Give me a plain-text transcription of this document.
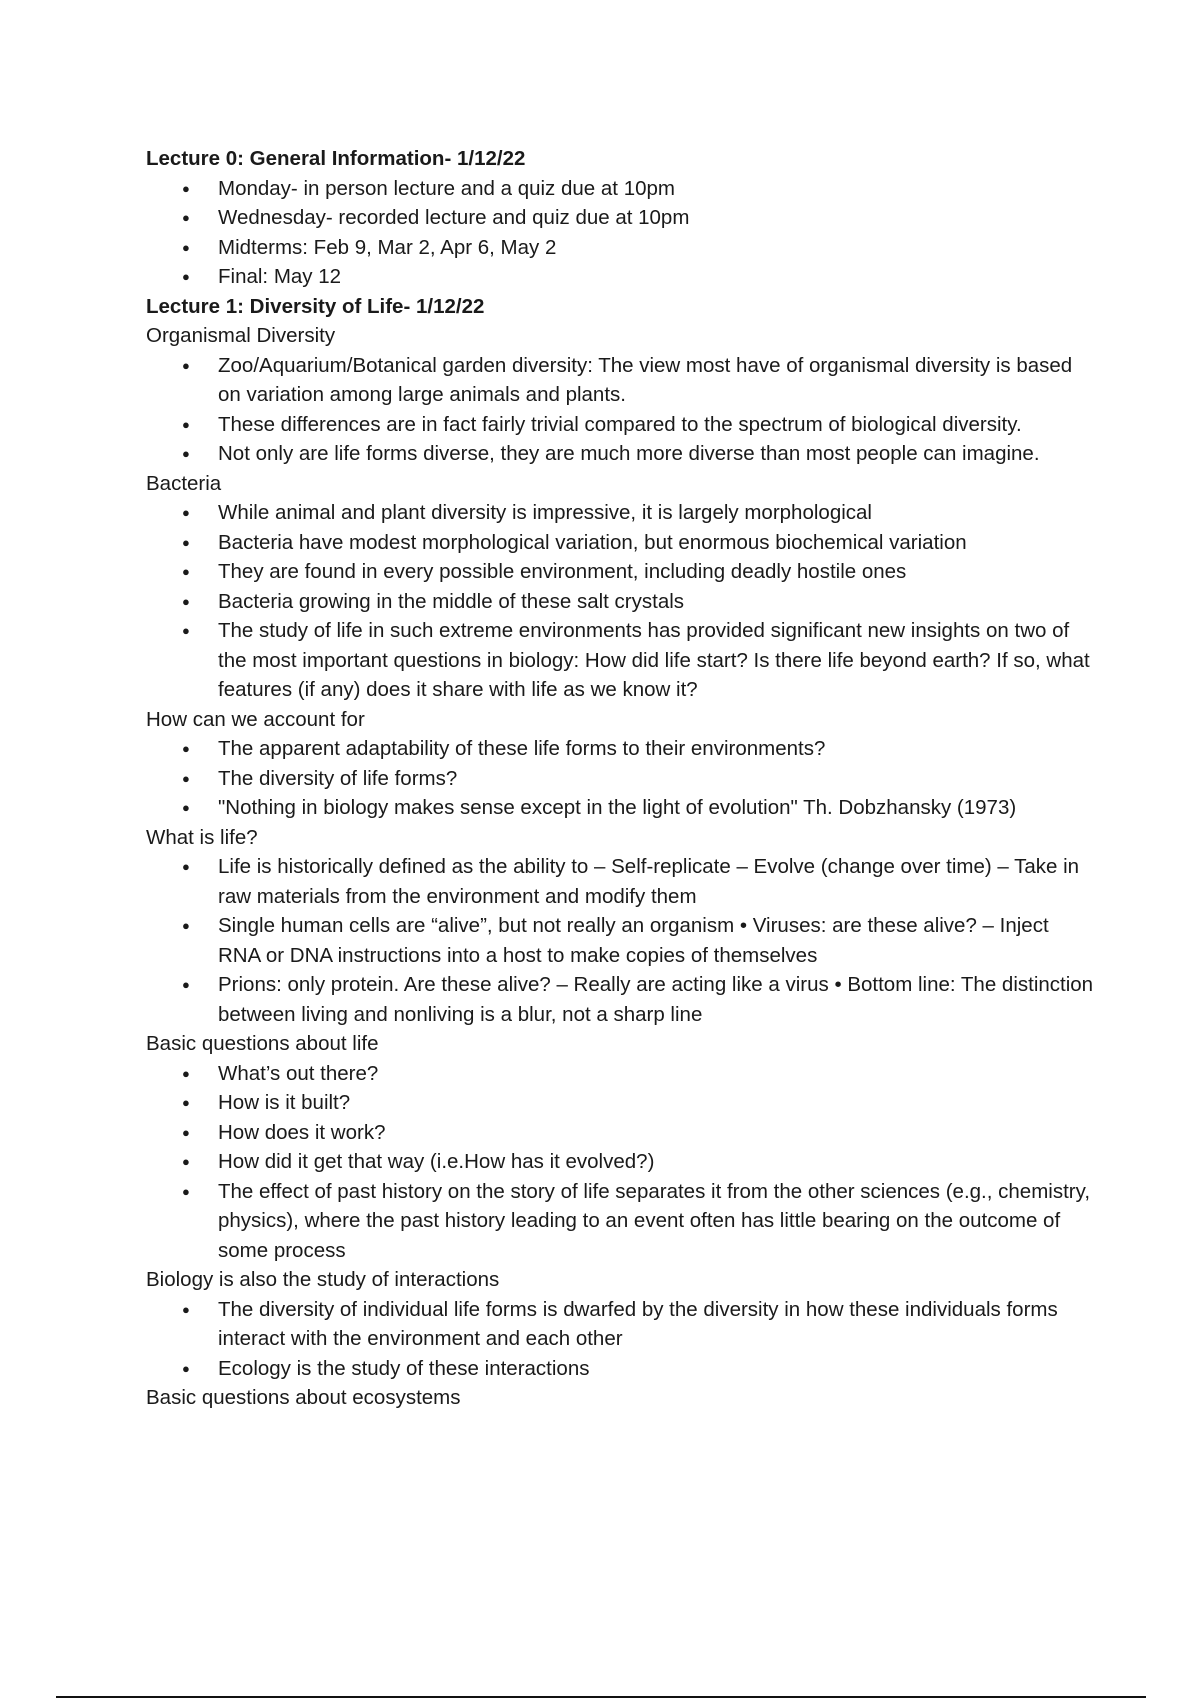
Lecture 0: General Information- 1/12/22

● Monday- in person lecture and a quiz due at 10pm
● Wednesday- recorded lecture and quiz due at 10pm
● Midterms: Feb 9, Mar 2, Apr 6, May 2
● Final: May 12

Lecture 1: Diversity of Life- 1/12/22

Organismal Diversity

● Zoo/Aquarium/Botanical garden diversity: The view most have of organismal diversity is based on variation among large animals and plants.
● These differences are in fact fairly trivial compared to the spectrum of biological diversity.
● Not only are life forms diverse, they are much more diverse than most people can imagine.

Bacteria

● While animal and plant diversity is impressive, it is largely morphological
● Bacteria have modest morphological variation, but enormous biochemical variation
● They are found in every possible environment, including deadly hostile ones
● Bacteria growing in the middle of these salt crystals
● The study of life in such extreme environments has provided significant new insights on two of the most important questions in biology: How did life start? Is there life beyond earth? If so, what features (if any) does it share with life as we know it?

How can we account for

● The apparent adaptability of these life forms to their environments?
● The diversity of life forms?
● "Nothing in biology makes sense except in the light of evolution" Th. Dobzhansky (1973)

What is life?

● Life is historically defined as the ability to – Self-replicate – Evolve (change over time) – Take in raw materials from the environment and modify them
● Single human cells are “alive”, but not really an organism • Viruses: are these alive? – Inject RNA or DNA instructions into a host to make copies of themselves
● Prions: only protein. Are these alive? – Really are acting like a virus • Bottom line: The distinction between living and nonliving is a blur, not a sharp line

Basic questions about life

● What’s out there?
● How is it built?
● How does it work?
● How did it get that way (i.e.How has it evolved?)
● The effect of past history on the story of life separates it from the other sciences (e.g., chemistry, physics), where the past history leading to an event often has little bearing on the outcome of some process

Biology is also the study of interactions

● The diversity of individual life forms is dwarfed by the diversity in how these individuals forms interact with the environment and each other
● Ecology is the study of these interactions

Basic questions about ecosystems
